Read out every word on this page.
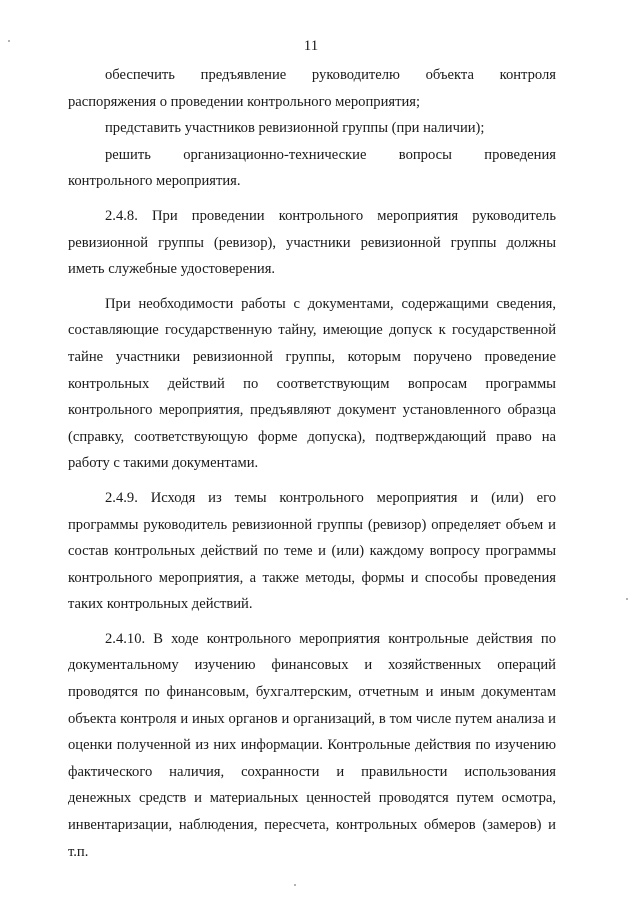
11

обеспечить предъявление руководителю объекта контроля распоряжения о проведении контрольного мероприятия;

представить участников ревизионной группы (при наличии);

решить организационно-технические вопросы проведения контрольного мероприятия.

2.4.8. При проведении контрольного мероприятия руководитель ревизионной группы (ревизор), участники ревизионной группы должны иметь служебные удостоверения.

При необходимости работы с документами, содержащими сведения, составляющие государственную тайну, имеющие допуск к государственной тайне участники ревизионной группы, которым поручено проведение контрольных действий по соответствующим вопросам программы контрольного мероприятия, предъявляют документ установленного образца (справку, соответствующую форме допуска), подтверждающий право на работу с такими документами.

2.4.9. Исходя из темы контрольного мероприятия и (или) его программы руководитель ревизионной группы (ревизор) определяет объем и состав контрольных действий по теме и (или) каждому вопросу программы контрольного мероприятия, а также методы, формы и способы проведения таких контрольных действий.

2.4.10. В ходе контрольного мероприятия контрольные действия по документальному изучению финансовых и хозяйственных операций проводятся по финансовым, бухгалтерским, отчетным и иным документам объекта контроля и иных органов и организаций, в том числе путем анализа и оценки полученной из них информации. Контрольные действия по изучению фактического наличия, сохранности и правильности использования денежных средств и материальных ценностей проводятся путем осмотра, инвентаризации, наблюдения, пересчета, контрольных обмеров (замеров) и т.п.
